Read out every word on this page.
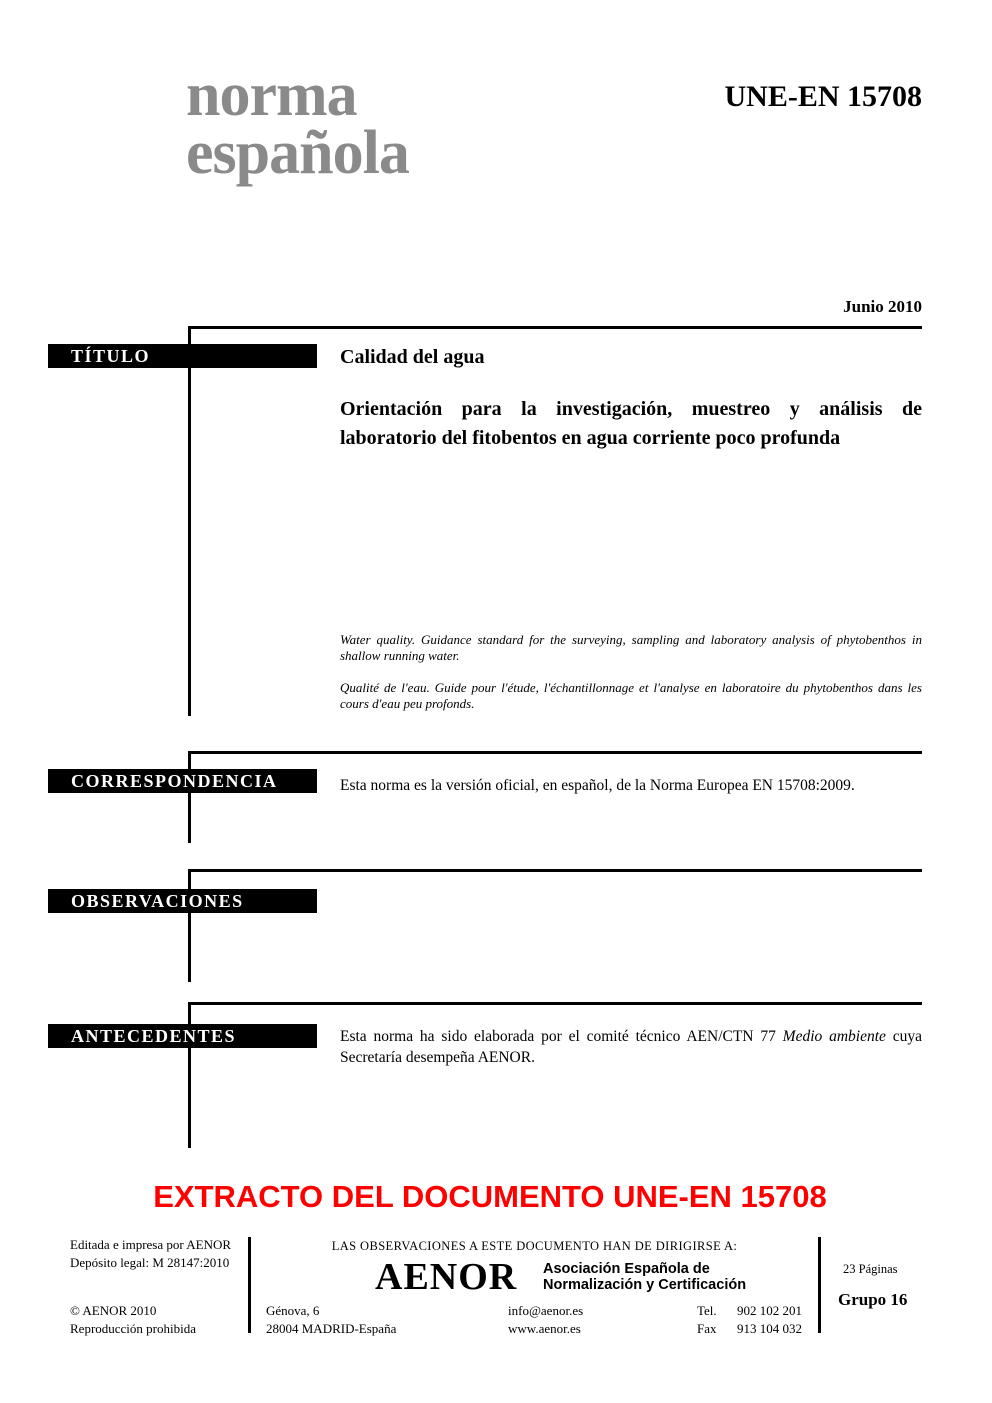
norma
española
UNE-EN 15708
Junio 2010
TÍTULO	Calidad del agua
Orientación para la investigación, muestreo y análisis de laboratorio del fitobentos en agua corriente poco profunda
Water quality. Guidance standard for the surveying, sampling and laboratory analysis of phytobenthos in shallow running water.
Qualité de l'eau. Guide pour l'étude, l'échantillonnage et l'analyse en laboratoire du phytobenthos dans les cours d'eau peu profonds.
CORRESPONDENCIA	Esta norma es la versión oficial, en español, de la Norma Europea EN 15708:2009.
OBSERVACIONES
ANTECEDENTES	Esta norma ha sido elaborada por el comité técnico AEN/CTN 77 Medio ambiente cuya Secretaría desempeña AENOR.
EXTRACTO DEL DOCUMENTO UNE-EN 15708
Editada e impresa por AENOR
Depósito legal: M 28147:2010
© AENOR 2010
Reproducción prohibida
LAS OBSERVACIONES A ESTE DOCUMENTO HAN DE DIRIGIRSE A:
AENOR Asociación Española de
Normalización y Certificación
Génova, 6
28004 MADRID-España
info@aenor.es
www.aenor.es
Tel.	902 102 201
Fax	913 104 032
23 Páginas
Grupo 16
